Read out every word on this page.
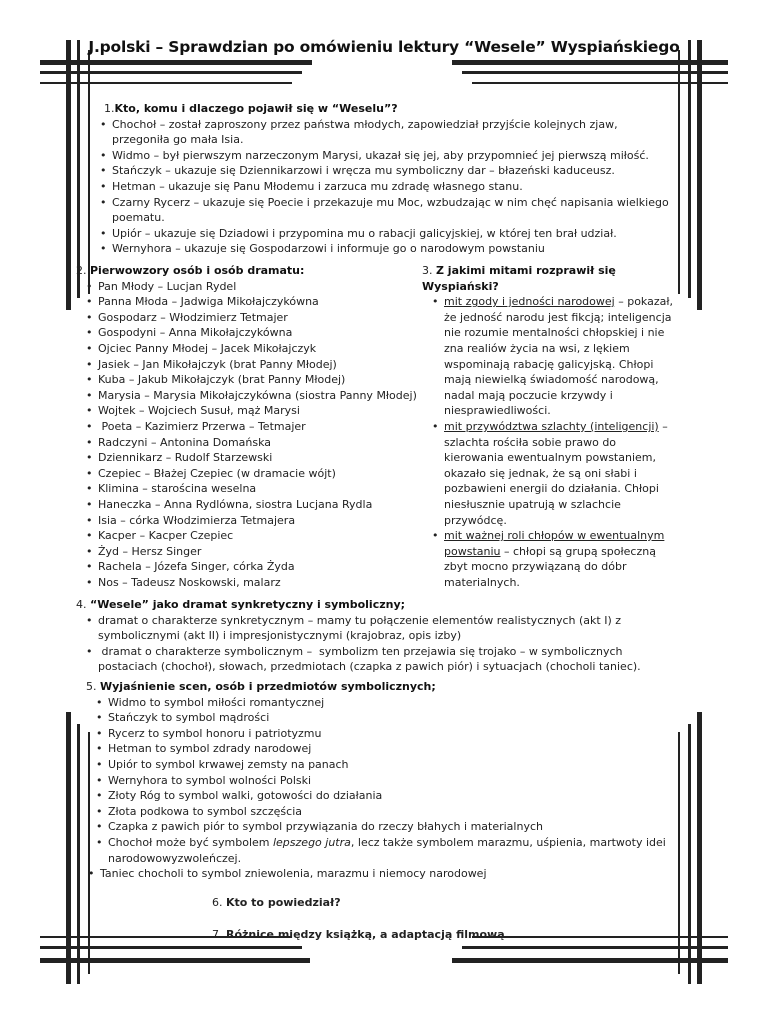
J.polski – Sprawdzian po omówieniu lektury “Wesele” Wyspiańskiego
1.Kto, komu i dlaczego pojawił się w “Weselu”?
• Chochoł – został zaproszony przez państwa młodych, zapowiedział przyjście kolejnych zjaw, przegoniła go mała Isia.
• Widmo – był pierwszym narzeczonym Marysi, ukazał się jej, aby przypomnieć jej pierwszą miłość.
• Stańczyk – ukazuje się Dziennikarzowi i wręcza mu symboliczny dar – błazeński kaduceusz.
• Hetman – ukazuje się Panu Młodemu i zarzuca mu zdradę własnego stanu.
• Czarny Rycerz – ukazuje się Poecie i przekazuje mu Moc, wzbudzając w nim chęć napisania wielkiego poematu.
• Upiór – ukazuje się Dziadowi i przypomina mu o rabacji galicyjskiej, w której ten brał udział.
• Wernyhora – ukazuje się Gospodarzowi i informuje go o narodowym powstaniu
2. Pierwowzory osób i osób dramatu:
• Pan Młody – Lucjan Rydel
• Panna Młoda – Jadwiga Mikołajczykówna
• Gospodarz – Włodzimierz Tetmajer
• Gospodyni – Anna Mikołajczykówna
• Ojciec Panny Młodej – Jacek Mikołajczyk
• Jasiek – Jan Mikołajczyk (brat Panny Młodej)
• Kuba – Jakub Mikołajczyk (brat Panny Młodej)
• Marysia – Marysia Mikołajczykówna (siostra Panny Młodej)
• Wojtek – Wojciech Susuł, mąż Marysi
•  Poeta – Kazimierz Przerwa – Tetmajer
• Radczyni – Antonina Domańska
• Dziennikarz – Rudolf Starzewski
• Czepiec – Błażej Czepiec (w dramacie wójt)
• Klimina – starościna weselna
• Haneczka – Anna Rydlówna, siostra Lucjana Rydla
• Isia – córka Włodzimierza Tetmajera
• Kacper – Kacper Czepiec
• Żyd – Hersz Singer
• Rachela – Józefa Singer, córka Żyda
• Nos – Tadeusz Noskowski, malarz
3. Z jakimi mitami rozprawił się
Wyspiański?
• mit zgody i jedności narodowej – pokazał,
że jedność narodu jest fikcją; inteligencja
nie rozumie mentalności chłopskiej i nie
zna realiów życia na wsi, z lękiem
wspominają rabację galicyjską. Chłopi
mają niewielką świadomość narodową,
nadal mają poczucie krzywdy i
niesprawiedliwości.
• mit przywództwa szlachty (inteligencji) –
szlachta rościła sobie prawo do
kierowania ewentualnym powstaniem,
okazało się jednak, że są oni słabi i
pozbawieni energii do działania. Chłopi
niesłusznie upatrują w szlachcie
przywódcę.
• mit ważnej roli chłopów w ewentualnym
powstaniu – chłopi są grupą społeczną
zbyt mocno przywiązaną do dóbr
materialnych.
4. “Wesele” jako dramat synkretyczny i symboliczny;
• dramat o charakterze synkretycznym – mamy tu połączenie elementów realistycznych (akt I) z
symbolicznymi (akt II) i impresjonistycznymi (krajobraz, opis izby)
•  dramat o charakterze symbolicznym –  symbolizm ten przejawia się trojako – w symbolicznych
postaciach (chochoł), słowach, przedmiotach (czapka z pawich piór) i sytuacjach (chocholi taniec).
5. Wyjaśnienie scen, osób i przedmiotów symbolicznych;
• Widmo to symbol miłości romantycznej
• Stańczyk to symbol mądrości
• Rycerz to symbol honoru i patriotyzmu
• Hetman to symbol zdrady narodowej
• Upiór to symbol krwawej zemsty na panach
• Wernyhora to symbol wolności Polski
• Złoty Róg to symbol walki, gotowości do działania
• Złota podkowa to symbol szczęścia
• Czapka z pawich piór to symbol przywiązania do rzeczy błahych i materialnych
• Chochoł może być symbolem lepszego jutra, lecz także symbolem marazmu, uśpienia, martwoty idei
narodowowyzwoleńczej.
• Taniec chocholi to symbol zniewolenia, marazmu i niemocy narodowej
6. Kto to powiedział?
7. Różnice między książką, a adaptacją filmową.
